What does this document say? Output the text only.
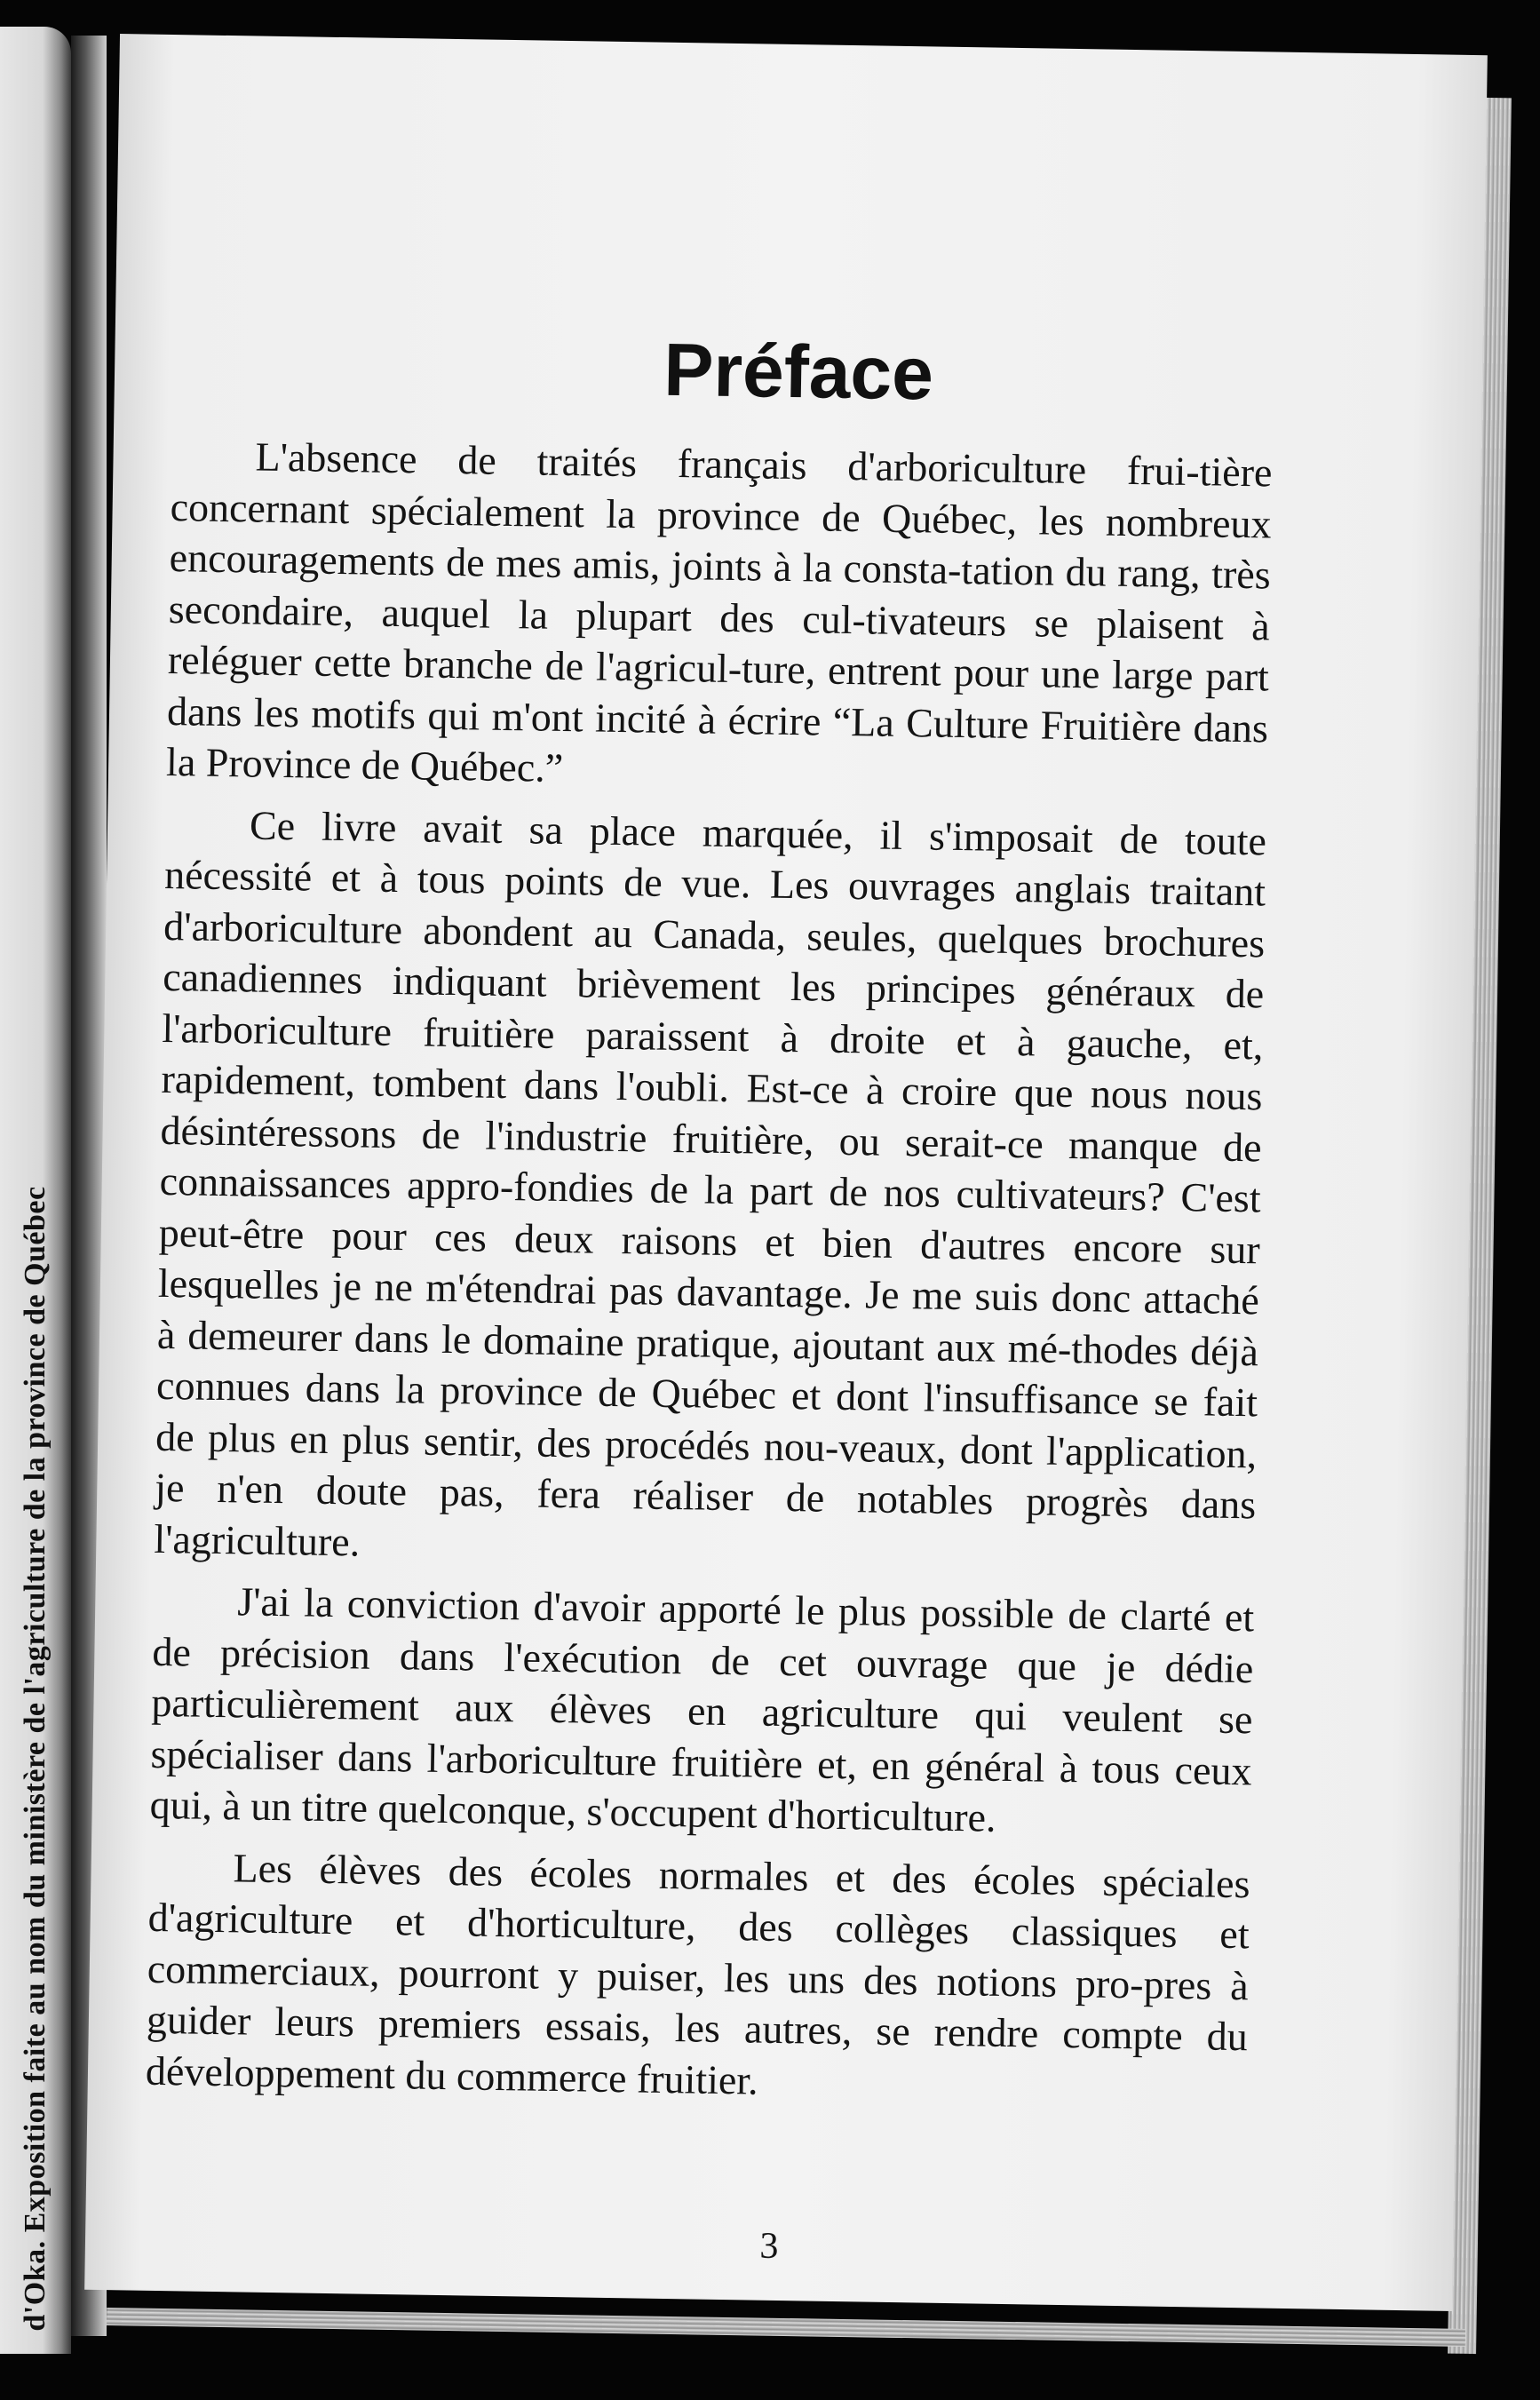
d'Oka. Exposition faite au nom du ministère de l'agriculture de la province de Québec
Préface

L'absence de traités français d'arboriculture frui-tière concernant spécialement la province de Québec, les nombreux encouragements de mes amis, joints à la consta-tation du rang, très secondaire, auquel la plupart des cul-tivateurs se plaisent à reléguer cette branche de l'agricul-ture, entrent pour une large part dans les motifs qui m'ont incité à écrire “La Culture Fruitière dans la Province de Québec.”

Ce livre avait sa place marquée, il s'imposait de toute nécessité et à tous points de vue. Les ouvrages anglais traitant d'arboriculture abondent au Canada, seules, quelques brochures canadiennes indiquant brièvement les principes généraux de l'arboriculture fruitière paraissent à droite et à gauche, et, rapidement, tombent dans l'oubli. Est-ce à croire que nous nous désintéressons de l'industrie fruitière, ou serait-ce manque de connaissances appro-fondies de la part de nos cultivateurs? C'est peut-être pour ces deux raisons et bien d'autres encore sur lesquelles je ne m'étendrai pas davantage. Je me suis donc attaché à demeurer dans le domaine pratique, ajoutant aux mé-thodes déjà connues dans la province de Québec et dont l'insuffisance se fait de plus en plus sentir, des procédés nou-veaux, dont l'application, je n'en doute pas, fera réaliser de notables progrès dans l'agriculture.

J'ai la conviction d'avoir apporté le plus possible de clarté et de précision dans l'exécution de cet ouvrage que je dédie particulièrement aux élèves en agriculture qui veulent se spécialiser dans l'arboriculture fruitière et, en général à tous ceux qui, à un titre quelconque, s'occupent d'horticulture.

Les élèves des écoles normales et des écoles spéciales d'agriculture et d'horticulture, des collèges classiques et commerciaux, pourront y puiser, les uns des notions pro-pres à guider leurs premiers essais, les autres, se rendre compte du développement du commerce fruitier.

3
